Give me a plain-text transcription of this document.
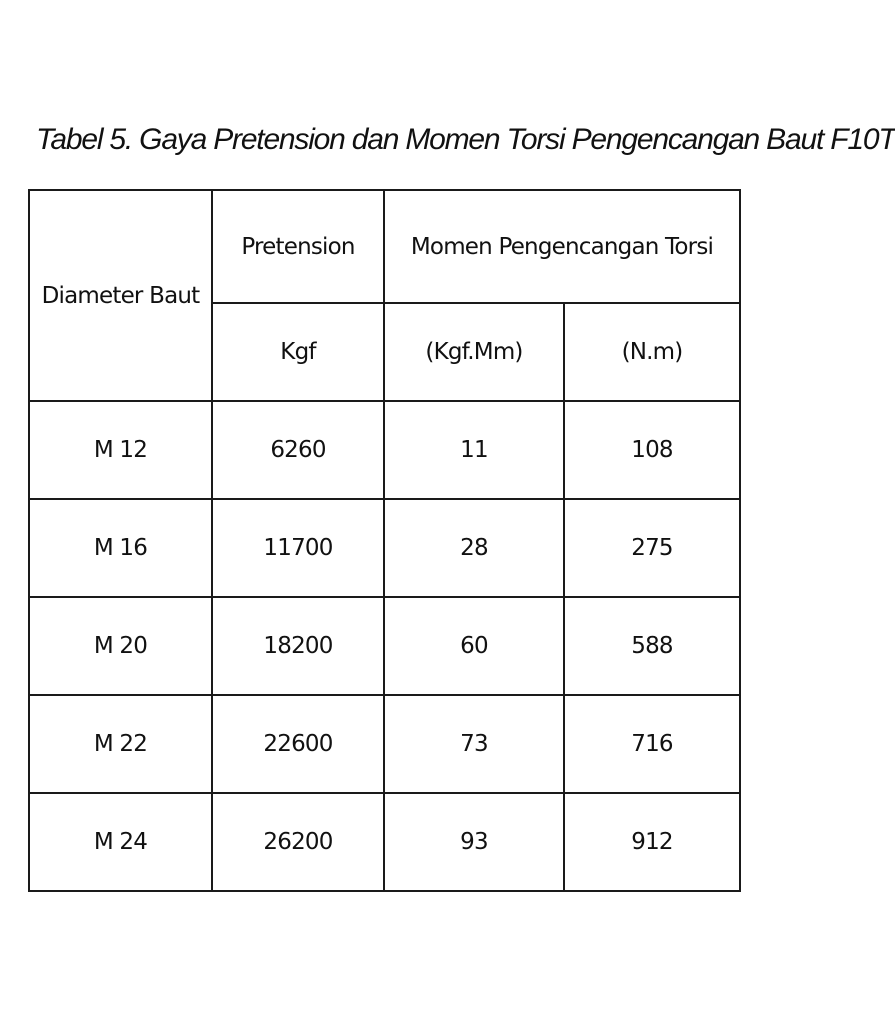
Tabel 5. Gaya Pretension dan Momen Torsi Pengencangan Baut F10T
Diameter Baut	Pretension	Momen Pengencangan Torsi	
	Kgf	(Kgf.Mm)	(N.m)
M 12	6260	11	108
M 16	11700	28	275
M 20	18200	60	588
M 22	22600	73	716
M 24	26200	93	912
